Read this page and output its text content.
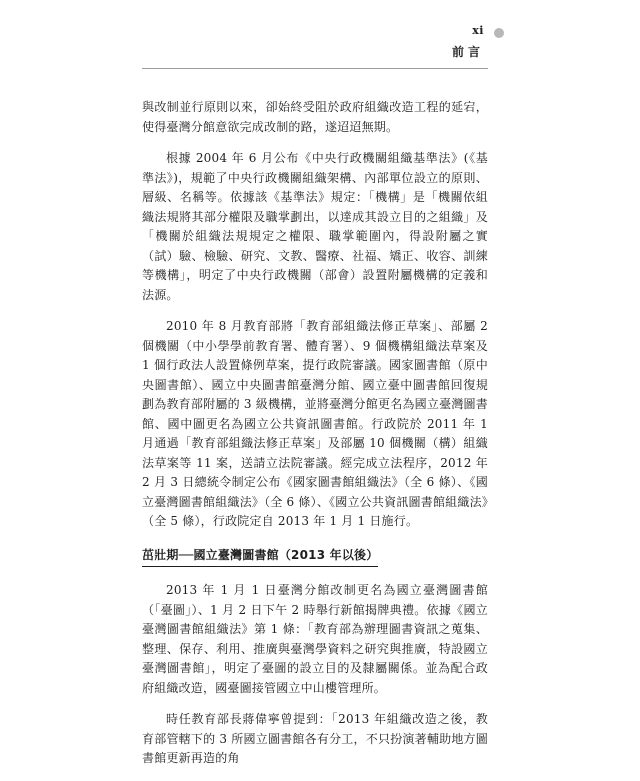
xi
前言

與改制並行原則以來，卻始終受阻於政府組織改造工程的延宕，使得臺灣分館意欲完成改制的路，遂迢迢無期。

根據 2004 年 6 月公布《中央行政機關組織基準法》(《基準法》)，規範了中央行政機關組織架構、內部單位設立的原則、層級、名稱等。依據該《基準法》規定：「機構」是「機關依組織法規將其部分權限及職掌劃出，以達成其設立目的之組織」及「機關於組織法規規定之權限、職掌範圍內，得設附屬之實（試）驗、檢驗、研究、文教、醫療、社福、矯正、收容、訓練等機構」，明定了中央行政機關（部會）設置附屬機構的定義和法源。

2010 年 8 月教育部將「教育部組織法修正草案」、部屬 2 個機關（中小學學前教育署、體育署）、9 個機構組織法草案及 1 個行政法人設置條例草案，提行政院審議。國家圖書館（原中央圖書館）、國立中央圖書館臺灣分館、國立臺中圖書館回復規劃為教育部附屬的 3 級機構，並將臺灣分館更名為國立臺灣圖書館、國中圖更名為國立公共資訊圖書館。行政院於 2011 年 1 月通過「教育部組織法修正草案」及部屬 10 個機關（構）組織法草案等 11 案，送請立法院審議。經完成立法程序，2012 年 2 月 3 日總統令制定公布《國家圖書館組織法》（全 6 條）、《國立臺灣圖書館組織法》（全 6 條）、《國立公共資訊圖書館組織法》（全 5 條），行政院定自 2013 年 1 月 1 日施行。

茁壯期──國立臺灣圖書館（2013 年以後）

2013 年 1 月 1 日臺灣分館改制更名為國立臺灣圖書館（「臺圖」）、1 月 2 日下午 2 時舉行新館揭牌典禮。依據《國立臺灣圖書館組織法》第 1 條：「教育部為辦理圖書資訊之蒐集、整理、保存、利用、推廣與臺灣學資料之研究與推廣，特設國立臺灣圖書館」，明定了臺圖的設立目的及隸屬關係。並為配合政府組織改造，國臺圖接管國立中山樓管理所。

時任教育部長蔣偉寧曾提到：「2013 年組織改造之後，教育部管轄下的 3 所國立圖書館各有分工，不只扮演著輔助地方圖書館更新再造的角
